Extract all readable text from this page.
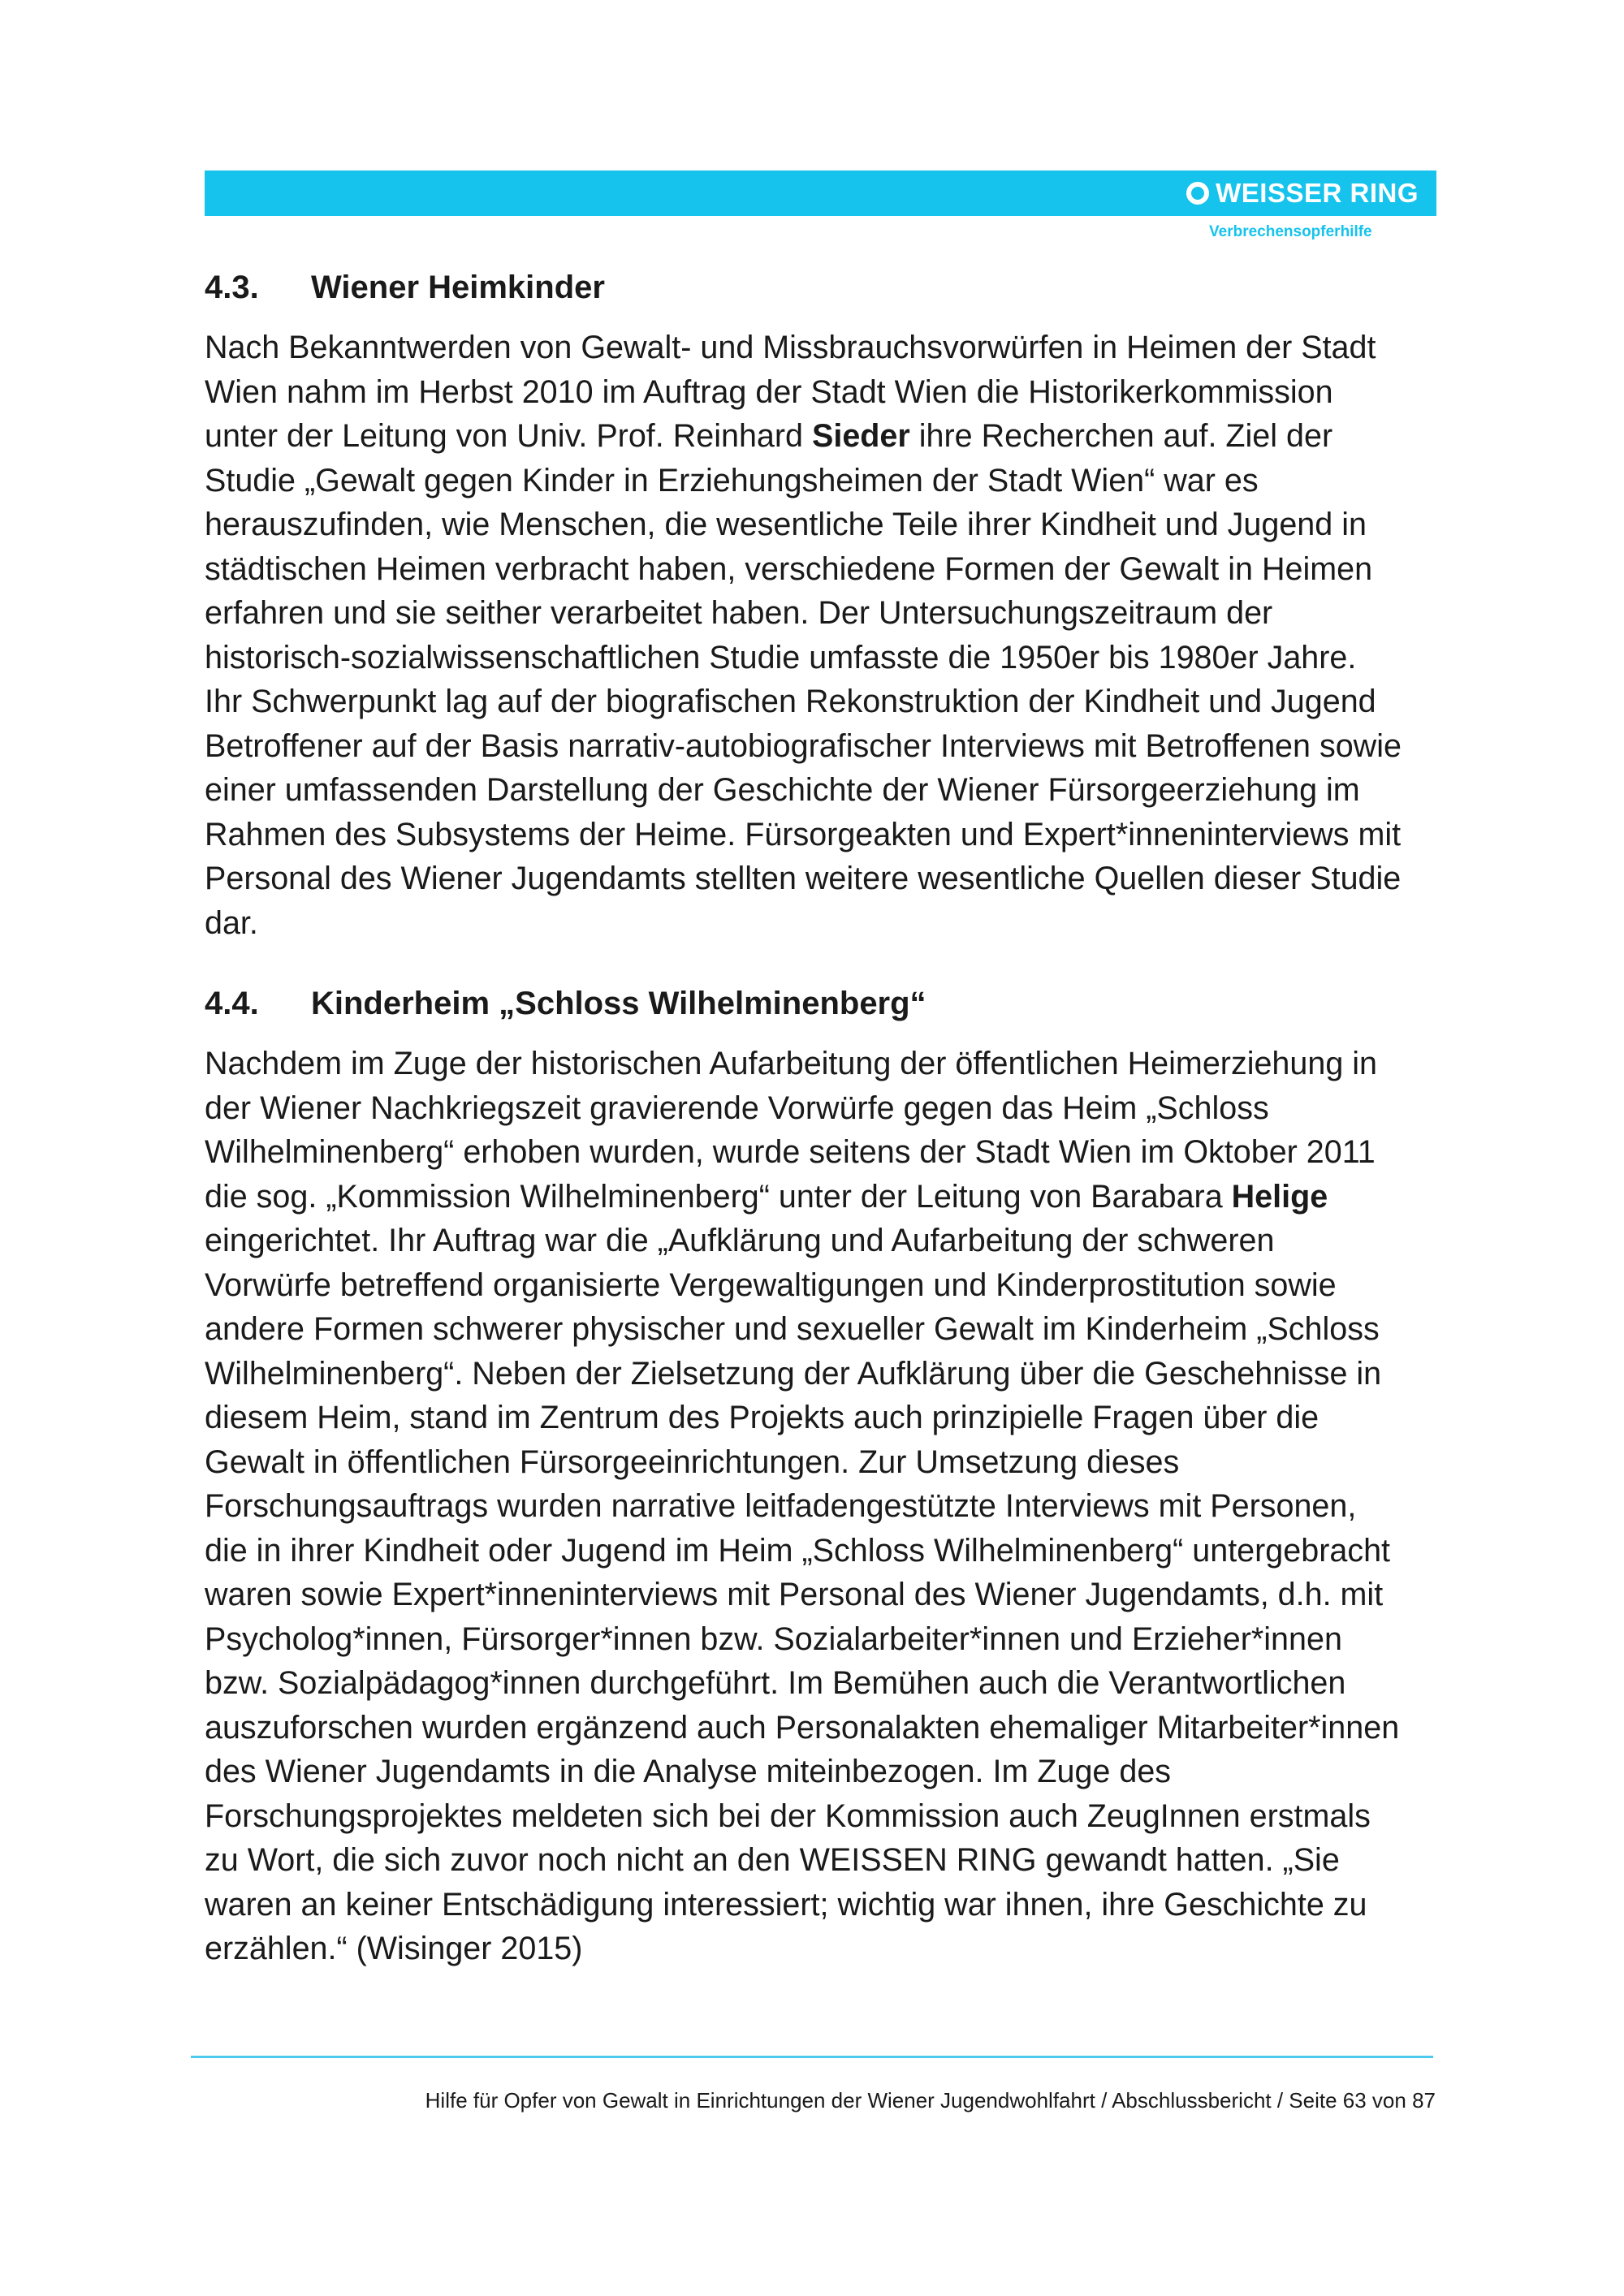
WEISSER RING
Verbrechensopferhilfe
4.3.	Wiener Heimkinder
Nach Bekanntwerden von Gewalt- und Missbrauchsvorwürfen in Heimen der Stadt
Wien nahm im Herbst 2010 im Auftrag der Stadt Wien die Historikerkommission
unter der Leitung von Univ. Prof. Reinhard Sieder ihre Recherchen auf. Ziel der
Studie „Gewalt gegen Kinder in Erziehungsheimen der Stadt Wien“ war es
herauszufinden, wie Menschen, die wesentliche Teile ihrer Kindheit und Jugend in
städtischen Heimen verbracht haben, verschiedene Formen der Gewalt in Heimen
erfahren und sie seither verarbeitet haben. Der Untersuchungszeitraum der
historisch-sozialwissenschaftlichen Studie umfasste die 1950er bis 1980er Jahre.
Ihr Schwerpunkt lag auf der biografischen Rekonstruktion der Kindheit und Jugend
Betroffener auf der Basis narrativ-autobiografischer Interviews mit Betroffenen sowie
einer umfassenden Darstellung der Geschichte der Wiener Fürsorgeerziehung im
Rahmen des Subsystems der Heime. Fürsorgeakten und Expert*inneninterviews mit
Personal des Wiener Jugendamts stellten weitere wesentliche Quellen dieser Studie
dar.
4.4.	Kinderheim „Schloss Wilhelminenberg“
Nachdem im Zuge der historischen Aufarbeitung der öffentlichen Heimerziehung in
der Wiener Nachkriegszeit gravierende Vorwürfe gegen das Heim „Schloss
Wilhelminenberg“ erhoben wurden, wurde seitens der Stadt Wien im Oktober 2011
die sog. „Kommission Wilhelminenberg“ unter der Leitung von Barabara Helige
eingerichtet. Ihr Auftrag war die „Aufklärung und Aufarbeitung der schweren
Vorwürfe betreffend organisierte Vergewaltigungen und Kinderprostitution sowie
andere Formen schwerer physischer und sexueller Gewalt im Kinderheim „Schloss
Wilhelminenberg“. Neben der Zielsetzung der Aufklärung über die Geschehnisse in
diesem Heim, stand im Zentrum des Projekts auch prinzipielle Fragen über die
Gewalt in öffentlichen Fürsorgeeinrichtungen. Zur Umsetzung dieses
Forschungsauftrags wurden narrative leitfadengestützte Interviews mit Personen,
die in ihrer Kindheit oder Jugend im Heim „Schloss Wilhelminenberg“ untergebracht
waren sowie Expert*inneninterviews mit Personal des Wiener Jugendamts, d.h. mit
Psycholog*innen, Fürsorger*innen bzw. Sozialarbeiter*innen und Erzieher*innen
bzw. Sozialpädagog*innen durchgeführt. Im Bemühen auch die Verantwortlichen
auszuforschen wurden ergänzend auch Personalakten ehemaliger Mitarbeiter*innen
des Wiener Jugendamts in die Analyse miteinbezogen. Im Zuge des
Forschungsprojektes meldeten sich bei der Kommission auch ZeugInnen erstmals
zu Wort, die sich zuvor noch nicht an den WEISSEN RING gewandt hatten. „Sie
waren an keiner Entschädigung interessiert; wichtig war ihnen, ihre Geschichte zu
erzählen.“ (Wisinger 2015)

Hilfe für Opfer von Gewalt in Einrichtungen der Wiener Jugendwohlfahrt / Abschlussbericht / Seite 63 von 87
